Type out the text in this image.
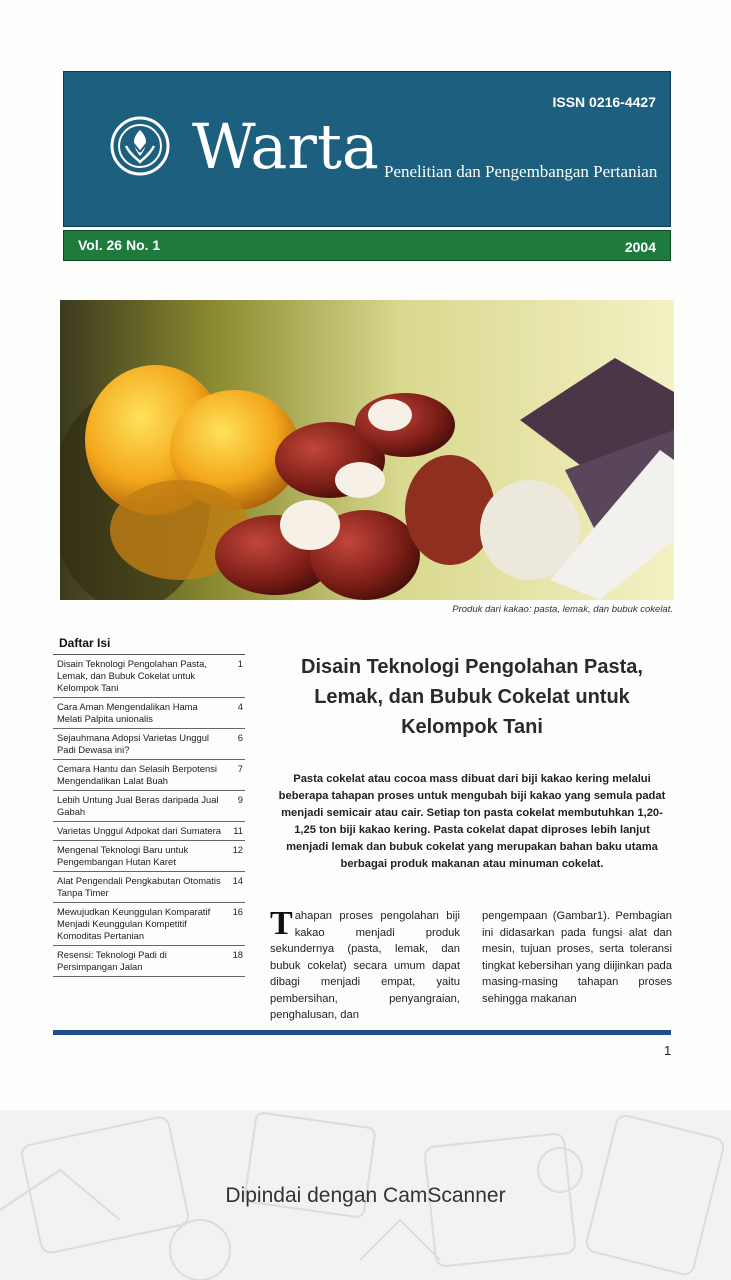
ISSN 0216-4427
Warta Penelitian dan Pengembangan Pertanian
Vol. 26 No. 1	2004
Produk dari kakao: pasta, lemak, dan bubuk cokelat.
Daftar Isi
Disain Teknologi Pengolahan Pasta, Lemak, dan Bubuk Cokelat untuk Kelompok Tani
1
Cara Aman Mengendalikan Hama Melati Palpita unionalis
4
Sejauhmana Adopsi Varietas Unggul Padi Dewasa ini?
6
Cemara Hantu dan Selasih Berpotensi Mengendalikan Lalat Buah
7
Lebih Untung Jual Beras daripada Jual Gabah
9
Varietas Unggul Adpokat dari Sumatera 11
Mengenal Teknologi Baru untuk Pengembangan Hutan Karet
12
Alat Pengendali Pengkabutan Otomatis Tanpa Timer
14
Mewujudkan Keunggulan Komparatif Menjadi Keunggulan Kompetitif Komoditas Pertanian
16
Resensi: Teknologi Padi di Persimpangan Jalan
18
Disain Teknologi Pengolahan Pasta, Lemak, dan Bubuk Cokelat untuk Kelompok Tani
Pasta cokelat atau cocoa mass dibuat dari biji kakao kering melalui beberapa tahapan proses untuk mengubah biji kakao yang semula padat menjadi semicair atau cair. Setiap ton pasta cokelat membutuhkan 1,20-1,25 ton biji kakao kering. Pasta cokelat dapat diproses lebih lanjut menjadi lemak dan bubuk cokelat yang merupakan bahan baku utama berbagai produk makanan atau minuman cokelat.
Tahapan proses pengolahan biji kakao menjadi produk sekundernya (pasta, lemak, dan bubuk cokelat) secara umum dapat dibagi menjadi empat, yaitu pembersihan, penyangraian, penghalusan, dan
pengempaan (Gambar1). Pembagian ini didasarkan pada fungsi alat dan mesin, tujuan proses, serta toleransi tingkat kebersihan yang diijinkan pada masing-masing tahapan proses sehingga makanan
1
Dipindai dengan CamScanner
